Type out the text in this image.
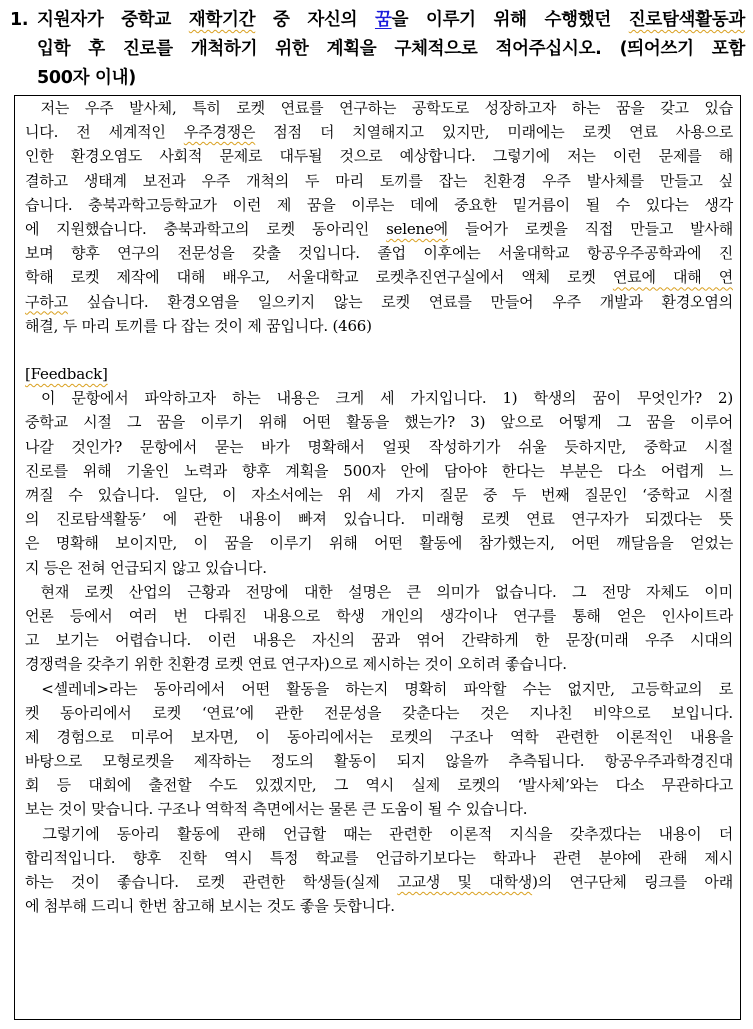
1. 지원자가 중학교 재학기간 중 자신의 꿈을 이루기 위해 수행했던 진로탐색활동과
입학 후 진로를 개척하기 위한 계획을 구체적으로 적어주십시오. (띄어쓰기 포함
500자 이내)
저는 우주 발사체, 특히 로켓 연료를 연구하는 공학도로 성장하고자 하는 꿈을 갖고 있습
니다. 전 세계적인 우주경쟁은 점점 더 치열해지고 있지만, 미래에는 로켓 연료 사용으로
인한 환경오염도 사회적 문제로 대두될 것으로 예상합니다. 그렇기에 저는 이런 문제를 해
결하고 생태계 보전과 우주 개척의 두 마리 토끼를 잡는 친환경 우주 발사체를 만들고 싶
습니다. 충북과학고등학교가 이런 제 꿈을 이루는 데에 중요한 밑거름이 될 수 있다는 생각
에 지원했습니다. 충북과학고의 로켓 동아리인 selene에 들어가 로켓을 직접 만들고 발사해
보며 향후 연구의 전문성을 갖출 것입니다. 졸업 이후에는 서울대학교 항공우주공학과에 진
학해 로켓 제작에 대해 배우고, 서울대학교 로켓추진연구실에서 액체 로켓 연료에 대해 연
구하고 싶습니다. 환경오염을 일으키지 않는 로켓 연료를 만들어 우주 개발과 환경오염의
해결, 두 마리 토끼를 다 잡는 것이 제 꿈입니다. (466)
[Feedback]
이 문항에서 파악하고자 하는 내용은 크게 세 가지입니다. 1) 학생의 꿈이 무엇인가? 2)
중학교 시절 그 꿈을 이루기 위해 어떤 활동을 했는가? 3) 앞으로 어떻게 그 꿈을 이루어
나갈 것인가? 문항에서 묻는 바가 명확해서 얼핏 작성하기가 쉬울 듯하지만, 중학교 시절
진로를 위해 기울인 노력과 향후 계획을 500자 안에 담아야 한다는 부분은 다소 어렵게 느
껴질 수 있습니다. 일단, 이 자소서에는 위 세 가지 질문 중 두 번째 질문인 ‘중학교 시절
의 진로탐색활동’ 에 관한 내용이 빠져 있습니다. 미래형 로켓 연료 연구자가 되겠다는 뜻
은 명확해 보이지만, 이 꿈을 이루기 위해 어떤 활동에 참가했는지, 어떤 깨달음을 얻었는
지 등은 전혀 언급되지 않고 있습니다.
현재 로켓 산업의 근황과 전망에 대한 설명은 큰 의미가 없습니다. 그 전망 자체도 이미
언론 등에서 여러 번 다뤄진 내용으로 학생 개인의 생각이나 연구를 통해 얻은 인사이트라
고 보기는 어렵습니다. 이런 내용은 자신의 꿈과 엮어 간략하게 한 문장(미래 우주 시대의
경쟁력을 갖추기 위한 친환경 로켓 연료 연구자)으로 제시하는 것이 오히려 좋습니다.
<셀레네>라는 동아리에서 어떤 활동을 하는지 명확히 파악할 수는 없지만, 고등학교의 로
켓 동아리에서 로켓 ‘연료’에 관한 전문성을 갖춘다는 것은 지나친 비약으로 보입니다.
제 경험으로 미루어 보자면, 이 동아리에서는 로켓의 구조나 역학 관련한 이론적인 내용을
바탕으로 모형로켓을 제작하는 정도의 활동이 되지 않을까 추측됩니다. 항공우주과학경진대
회 등 대회에 출전할 수도 있겠지만, 그 역시 실제 로켓의 ‘발사체’와는 다소 무관하다고
보는 것이 맞습니다. 구조나 역학적 측면에서는 물론 큰 도움이 될 수 있습니다.
그렇기에 동아리 활동에 관해 언급할 때는 관련한 이론적 지식을 갖추겠다는 내용이 더
합리적입니다. 향후 진학 역시 특정 학교를 언급하기보다는 학과나 관련 분야에 관해 제시
하는 것이 좋습니다. 로켓 관련한 학생들(실제 고교생 및 대학생)의 연구단체 링크를 아래
에 첨부해 드리니 한번 참고해 보시는 것도 좋을 듯합니다.
